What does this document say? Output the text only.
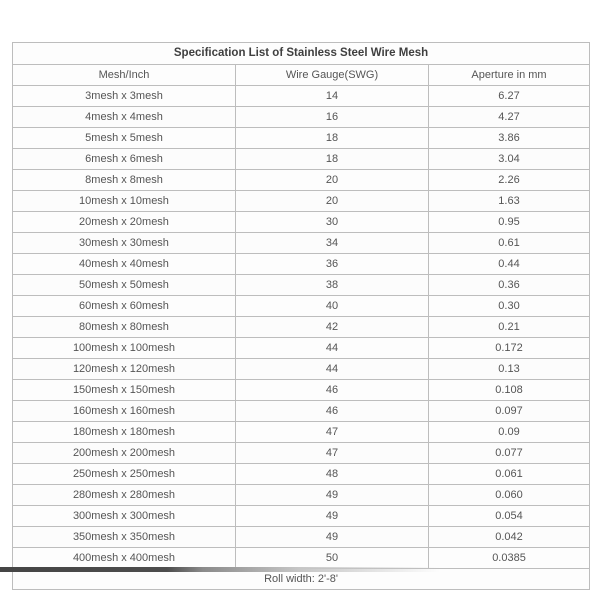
Specification List of Stainless Steel Wire Mesh		
Mesh/Inch	Wire Gauge(SWG)	Aperture in mm
3mesh x 3mesh	14	6.27
4mesh x 4mesh	16	4.27
5mesh x 5mesh	18	3.86
6mesh x 6mesh	18	3.04
8mesh x 8mesh	20	2.26
10mesh x 10mesh	20	1.63
20mesh x 20mesh	30	0.95
30mesh x 30mesh	34	0.61
40mesh x 40mesh	36	0.44
50mesh x 50mesh	38	0.36
60mesh x 60mesh	40	0.30
80mesh x 80mesh	42	0.21
100mesh x 100mesh	44	0.172
120mesh x 120mesh	44	0.13
150mesh x 150mesh	46	0.108
160mesh x 160mesh	46	0.097
180mesh x 180mesh	47	0.09
200mesh x 200mesh	47	0.077
250mesh x 250mesh	48	0.061
280mesh x 280mesh	49	0.060
300mesh x 300mesh	49	0.054
350mesh x 350mesh	49	0.042
400mesh x 400mesh	50	0.0385
Roll width: 2'-8'		
